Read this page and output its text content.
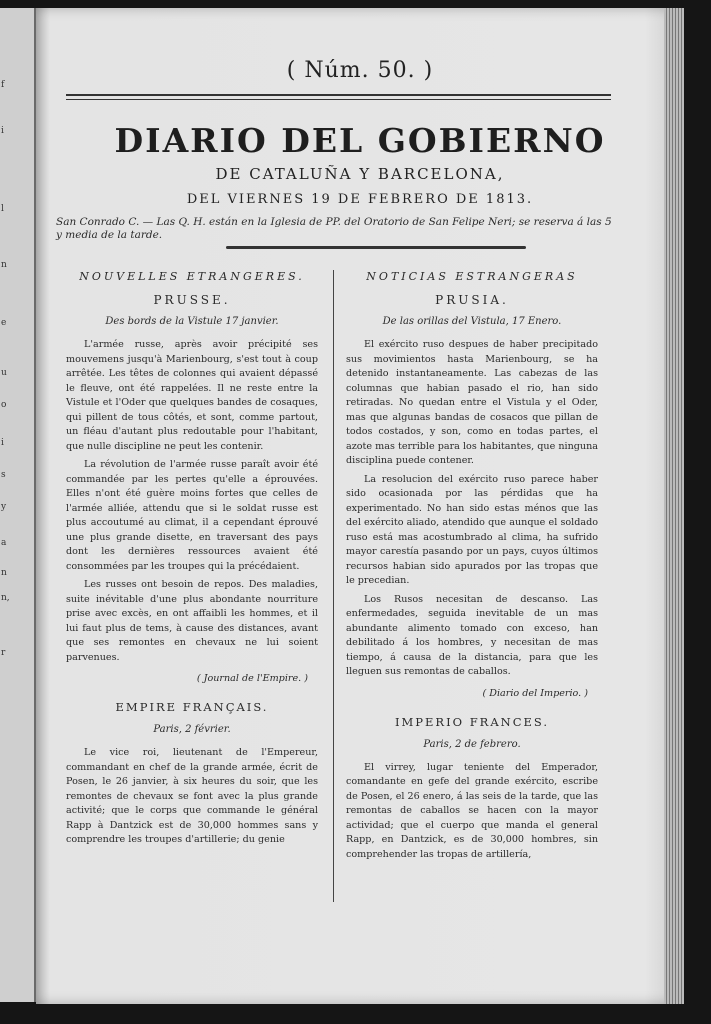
f
i
l
n
e
u
o
i
s
y
a
n
n,
r
( Núm. 50. )
DIARIO DEL GOBIERNO
DE CATALUÑA Y BARCELONA,
DEL VIERNES 19 DE FEBRERO DE 1813.
San Conrado C. — Las Q. H. están en la Iglesia de PP. del Oratorio de San Felipe Neri; se reserva á las 5 y media de la tarde.
NOUVELLES ETRANGERES.
PRUSSE.
Des bords de la Vistule 17 janvier.

L'armée russe, après avoir précipité ses mouvemens jusqu'à Marienbourg, s'est tout à coup arrêtée. Les têtes de colonnes qui avaient dépassé le fleuve, ont été rappelées. Il ne reste entre la Vistule et l'Oder que quelques bandes de cosaques, qui pillent de tous côtés, et sont, comme partout, un fléau d'autant plus redoutable pour l'habitant, que nulle discipline ne peut les contenir.

La révolution de l'armée russe paraît avoir été commandée par les pertes qu'elle a éprouvées. Elles n'ont été guère moins fortes que celles de l'armée alliée, attendu que si le soldat russe est plus accoutumé au climat, il a cependant éprouvé une plus grande disette, en traversant des pays dont les dernières ressources avaient été consommées par les troupes qui la précédaient.

Les russes ont besoin de repos. Des maladies, suite inévitable d'une plus abondante nourriture prise avec excès, en ont affaibli les hommes, et il lui faut plus de tems, à cause des distances, avant que ses remontes en chevaux ne lui soient parvenues.

( Journal de l'Empire. )
EMPIRE FRANÇAIS.
Paris, 2 février.

Le vice roi, lieutenant de l'Empereur, commandant en chef de la grande armée, écrit de Posen, le 26 janvier, à six heures du soir, que les remontes de chevaux se font avec la plus grande activité; que le corps que commande le général Rapp à Dantzick est de 30,000 hommes sans y comprendre les troupes d'artillerie; du genie

NOTICIAS ESTRANGERAS
PRUSIA.
De las orillas del Vistula, 17 Enero.

El exército ruso despues de haber precipitado sus movimientos hasta Marienbourg, se ha detenido instantaneamente. Las cabezas de las columnas que habian pasado el rio, han sido retiradas. No quedan entre el Vistula y el Oder, mas que algunas bandas de cosacos que pillan de todos costados, y son, como en todas partes, el azote mas terrible para los habitantes, que ninguna disciplina puede contener.

La resolucion del exército ruso parece haber sido ocasionada por las pérdidas que ha experimentado. No han sido estas ménos que las del exército aliado, atendido que aunque el soldado ruso está mas acostumbrado al clima, ha sufrido mayor carestía pasando por un pays, cuyos últimos recursos habian sido apurados por las tropas que le precedian.

Los Rusos necesitan de descanso. Las enfermedades, seguida inevitable de un mas abundante alimento tomado con exceso, han debilitado á los hombres, y necesitan de mas tiempo, á causa de la distancia, para que les lleguen sus remontas de caballos.

( Diario del Imperio. )
IMPERIO FRANCES.
Paris, 2 de febrero.

El virrey, lugar teniente del Emperador, comandante en gefe del grande exército, escribe de Posen, el 26 enero, á las seis de la tarde, que las remontas de caballos se hacen con la mayor actividad; que el cuerpo que manda el general Rapp, en Dantzick, es de 30,000 hombres, sin comprehender las tropas de artillería,
